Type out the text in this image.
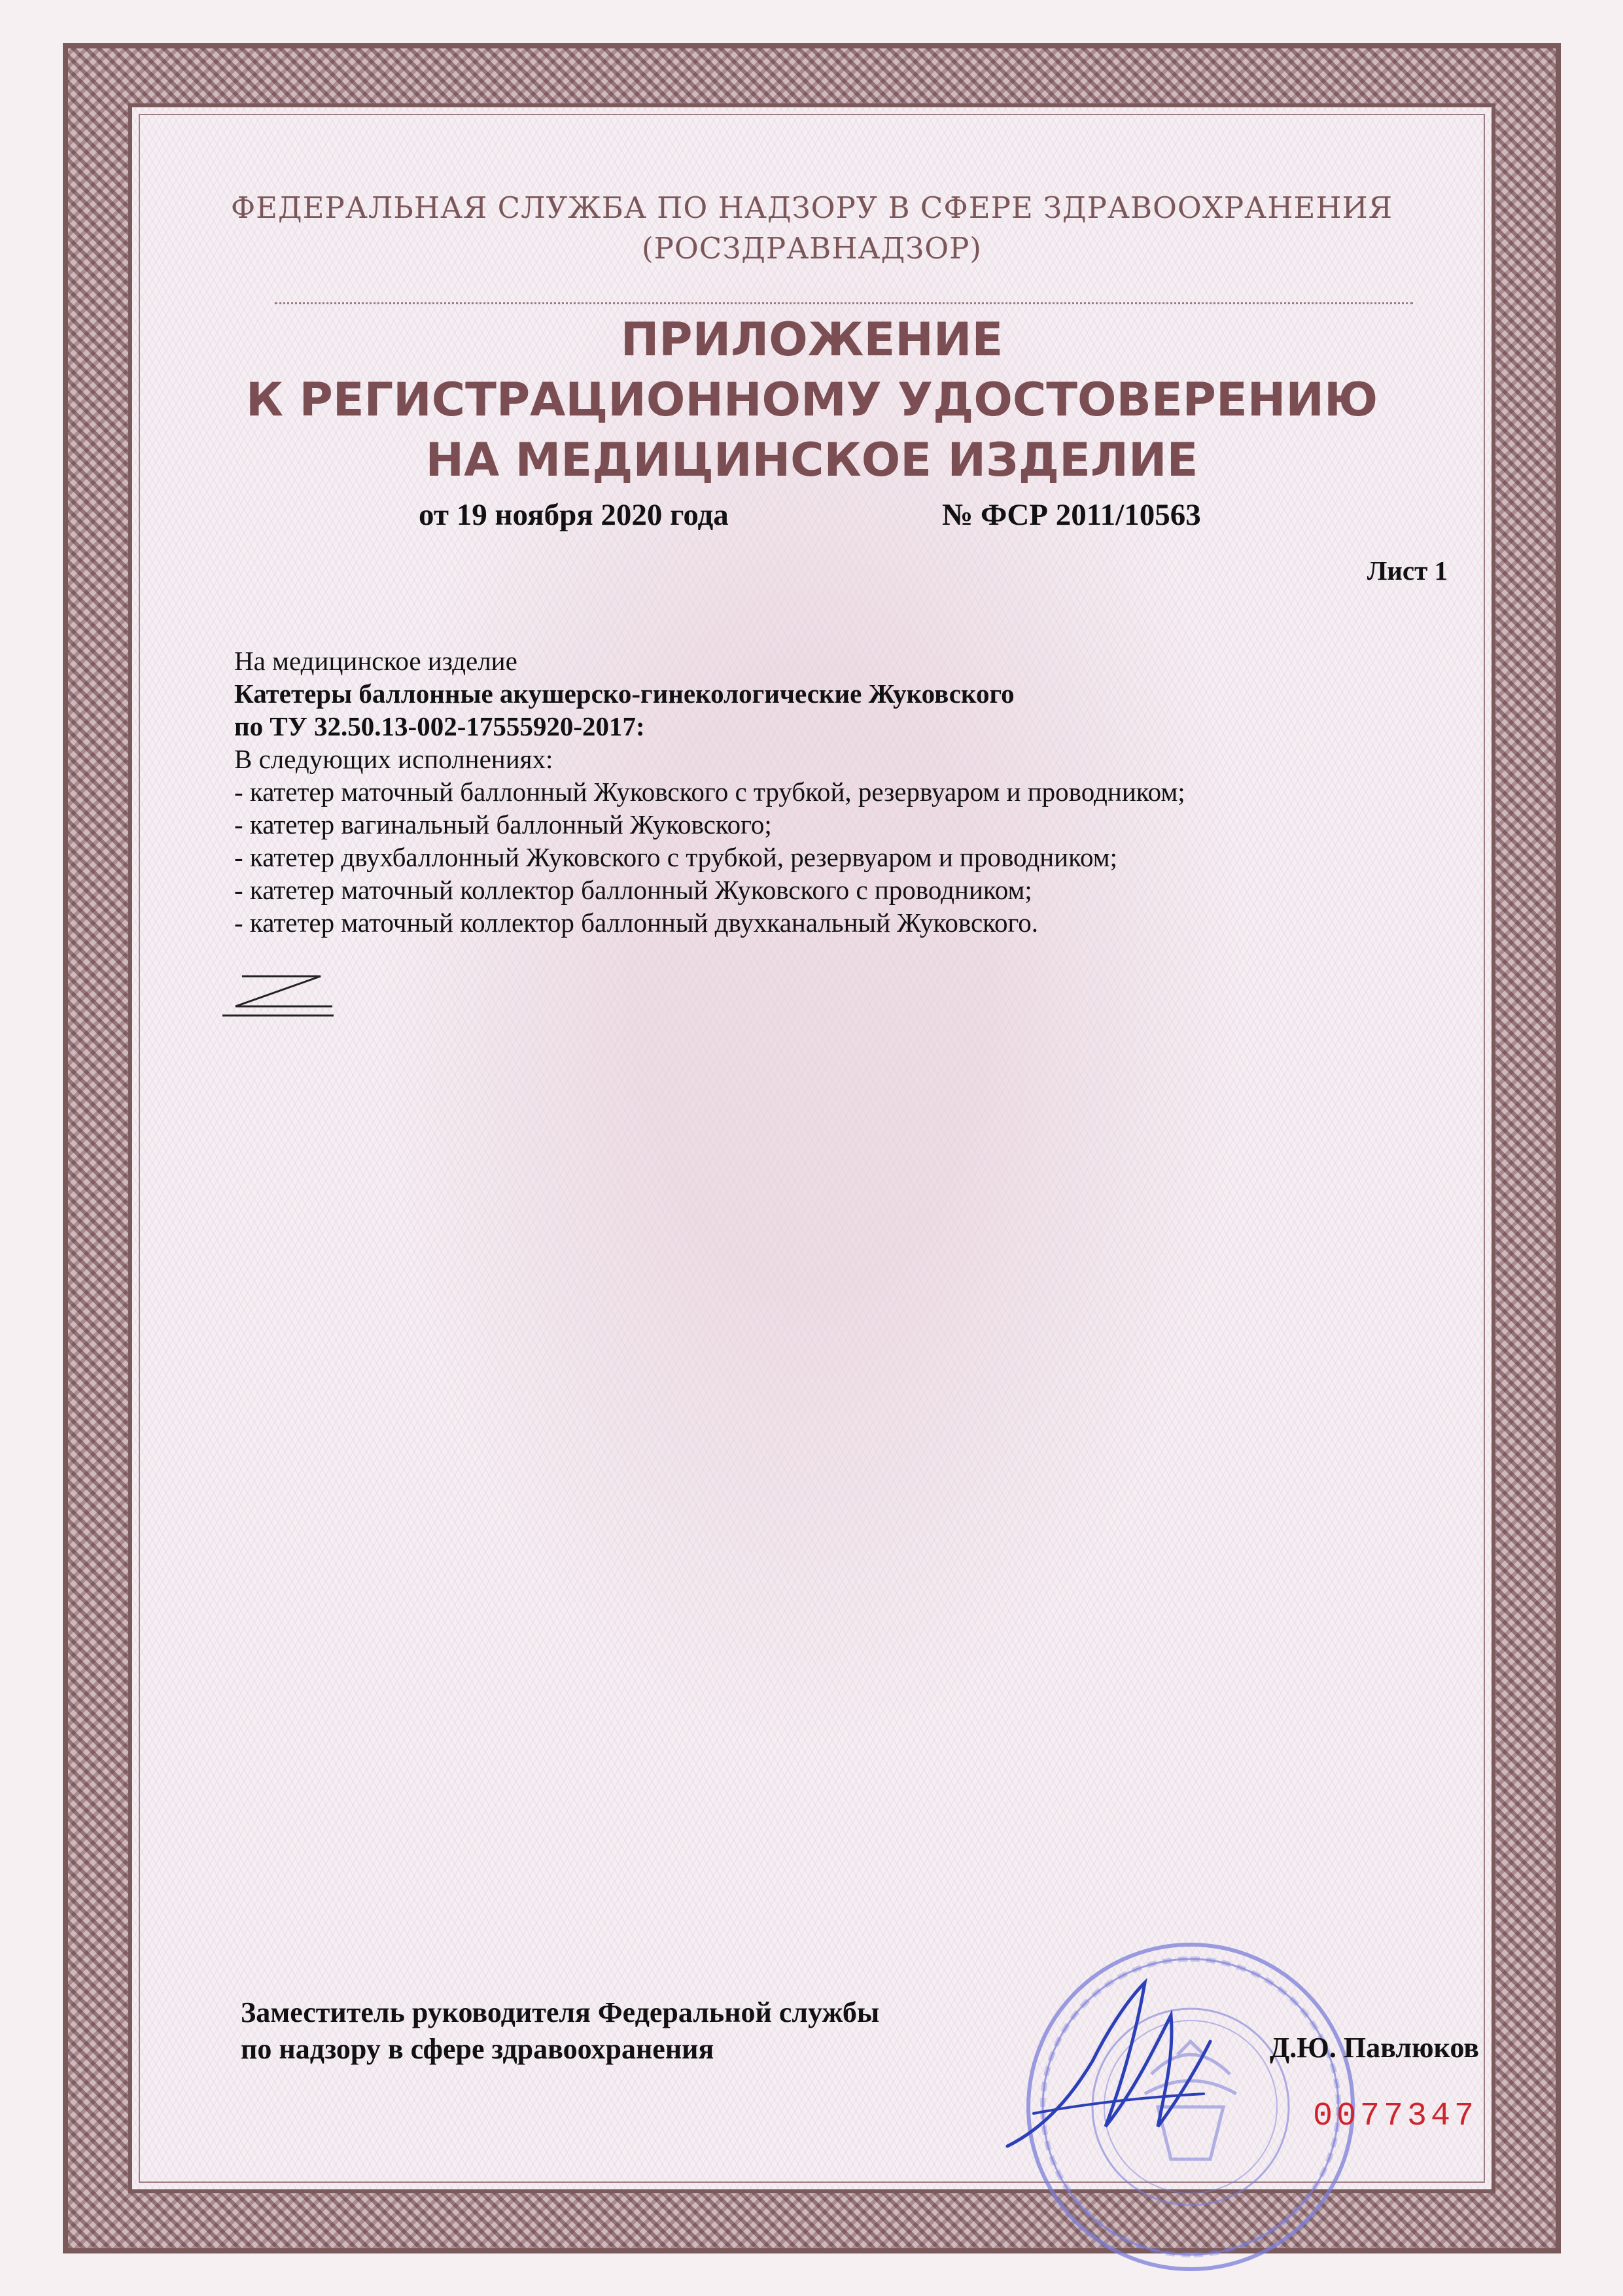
ФЕДЕРАЛЬНАЯ СЛУЖБА ПО НАДЗОРУ В СФЕРЕ ЗДРАВООХРАНЕНИЯ
(РОСЗДРАВНАДЗОР)
ПРИЛОЖЕНИЕ
К РЕГИСТРАЦИОННОМУ УДОСТОВЕРЕНИЮ
НА МЕДИЦИНСКОЕ ИЗДЕЛИЕ
от 19 ноября 2020 года	№ ФСР 2011/10563
Лист 1
На медицинское изделие
Катетеры баллонные акушерско-гинекологические Жуковского
по ТУ 32.50.13-002-17555920-2017:
В следующих исполнениях:
- катетер маточный баллонный Жуковского с трубкой, резервуаром и проводником;
- катетер вагинальный баллонный Жуковского;
- катетер двухбаллонный Жуковского с трубкой, резервуаром и проводником;
- катетер маточный коллектор баллонный Жуковского с проводником;
- катетер маточный коллектор баллонный двухканальный Жуковского.
Заместитель руководителя Федеральной службы
по надзору в сфере здравоохранения	Д.Ю. Павлюков
0077347
